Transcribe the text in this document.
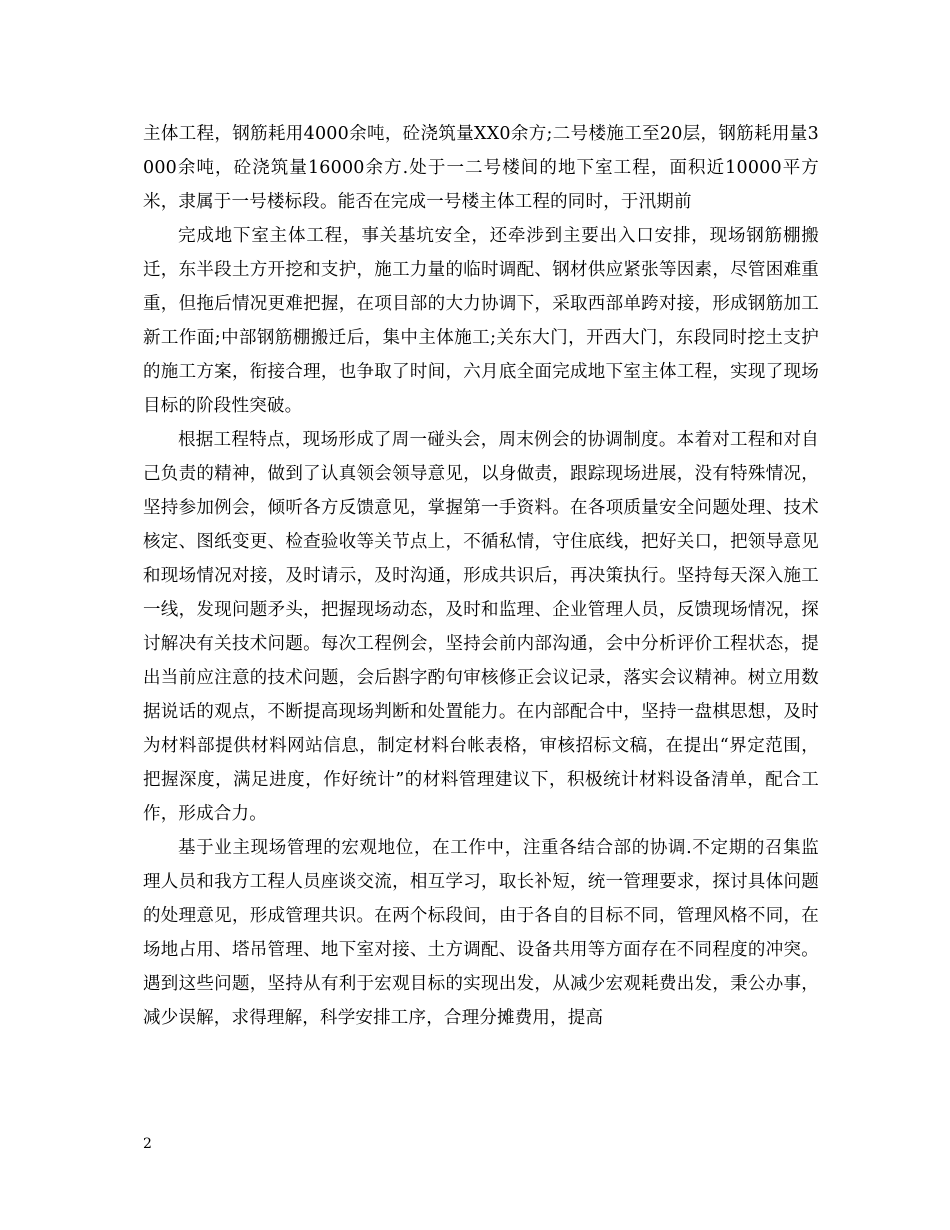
主体工程，钢筋耗用4000余吨，砼浇筑量XX0余方;二号楼施工至20层，钢筋耗用量3000余吨，砼浇筑量16000余方.处于一二号楼间的地下室工程，面积近10000平方米，隶属于一号楼标段。能否在完成一号楼主体工程的同时，于汛期前

完成地下室主体工程，事关基坑安全，还牵涉到主要出入口安排，现场钢筋棚搬迁，东半段土方开挖和支护，施工力量的临时调配、钢材供应紧张等因素，尽管困难重重，但拖后情况更难把握，在项目部的大力协调下，采取西部单跨对接，形成钢筋加工新工作面;中部钢筋棚搬迁后，集中主体施工;关东大门，开西大门，东段同时挖土支护的施工方案，衔接合理，也争取了时间，六月底全面完成地下室主体工程，实现了现场目标的阶段性突破。

根据工程特点，现场形成了周一碰头会，周末例会的协调制度。本着对工程和对自己负责的精神，做到了认真领会领导意见，以身做责，跟踪现场进展，没有特殊情况，坚持参加例会，倾听各方反馈意见，掌握第一手资料。在各项质量安全问题处理、技术核定、图纸变更、检查验收等关节点上，不循私情，守住底线，把好关口，把领导意见和现场情况对接，及时请示，及时沟通，形成共识后，再决策执行。坚持每天深入施工一线，发现问题矛头，把握现场动态，及时和监理、企业管理人员，反馈现场情况，探讨解决有关技术问题。每次工程例会，坚持会前内部沟通，会中分析评价工程状态，提出当前应注意的技术问题，会后斟字酌句审核修正会议记录，落实会议精神。树立用数据说话的观点，不断提高现场判断和处置能力。在内部配合中，坚持一盘棋思想，及时为材料部提供材料网站信息，制定材料台帐表格，审核招标文稿，在提出“界定范围，把握深度，满足进度，作好统计”的材料管理建议下，积极统计材料设备清单，配合工作，形成合力。

基于业主现场管理的宏观地位，在工作中，注重各结合部的协调.不定期的召集监理人员和我方工程人员座谈交流，相互学习，取长补短，统一管理要求，探讨具体问题的处理意见，形成管理共识。在两个标段间，由于各自的目标不同，管理风格不同，在场地占用、塔吊管理、地下室对接、土方调配、设备共用等方面存在不同程度的冲突。遇到这些问题，坚持从有利于宏观目标的实现出发，从减少宏观耗费出发，秉公办事，减少误解，求得理解，科学安排工序，合理分摊费用，提高

2
